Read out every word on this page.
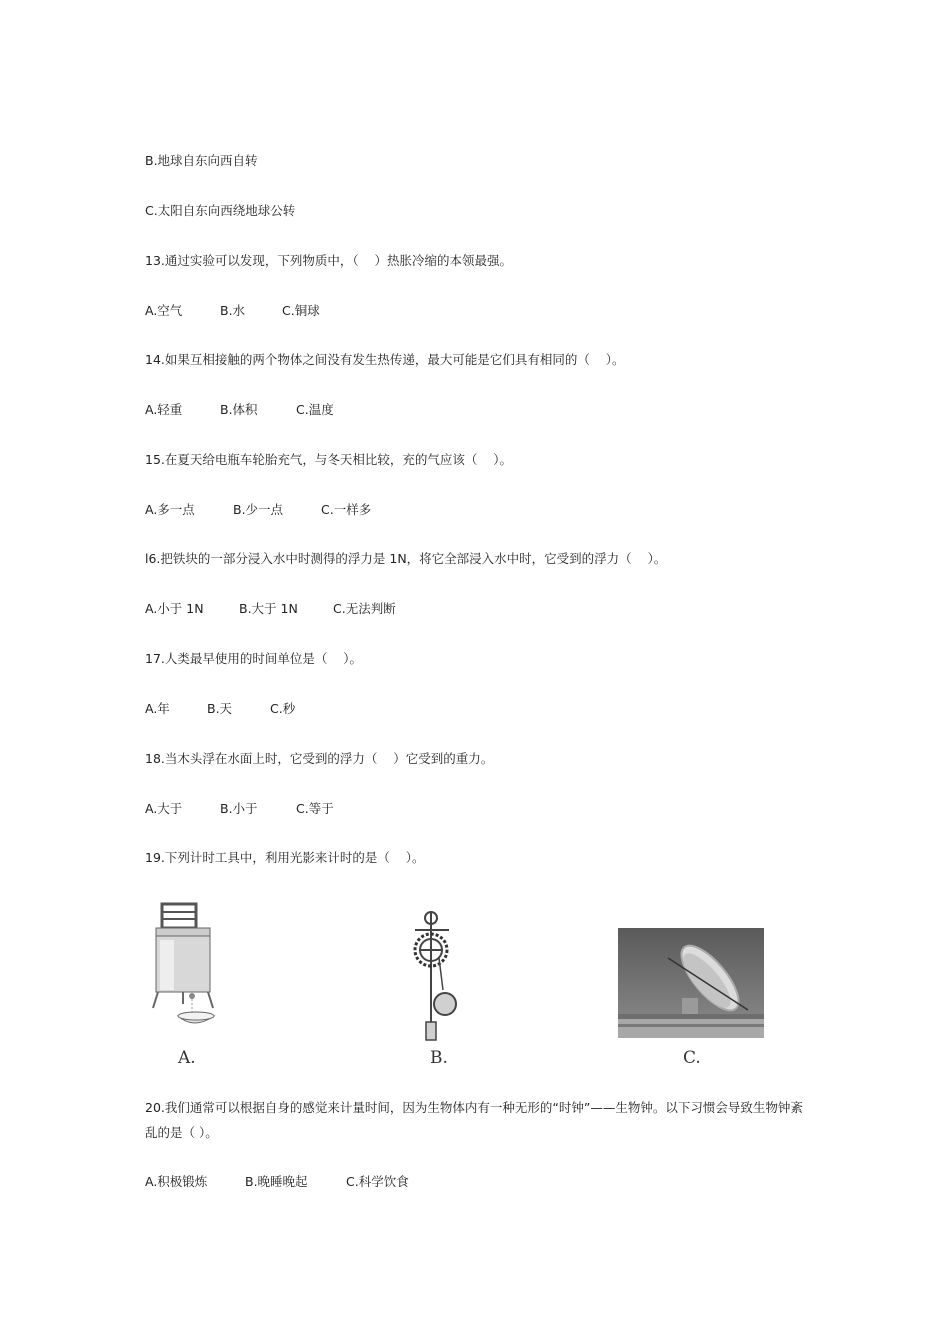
B.地球自东向西自转
C.太阳自东向西绕地球公转
13.通过实验可以发现，下列物质中，（    ）热胀冷缩的本领最强。
A.空气	B.水	C.铜球
14.如果互相接触的两个物体之间没有发生热传递，最大可能是它们具有相同的（    ）。
A.轻重	B.体积	C.温度
15.在夏天给电瓶车轮胎充气，与冬天相比较，充的气应该（    ）。
A.多一点	B.少一点	C.一样多
l6.把铁块的一部分浸入水中时测得的浮力是 1N，将它全部浸入水中时，它受到的浮力（    ）。
A.小于 1N	B.大于 1N	C.无法判断
17.人类最早使用的时间单位是（    ）。
A.年	B.天	C.秒
18.当木头浮在水面上时，它受到的浮力（    ）它受到的重力。
A.大于	B.小于	C.等于
19.下列计时工具中，利用光影来计时的是（    ）。
A.	B.	C.
20.我们通常可以根据自身的感觉来计量时间，因为生物体内有一种无形的“时钟”——生物钟。以下习惯会导致生物钟紊乱的是（ ）。
A.积极锻炼	B.晚睡晚起	C.科学饮食
